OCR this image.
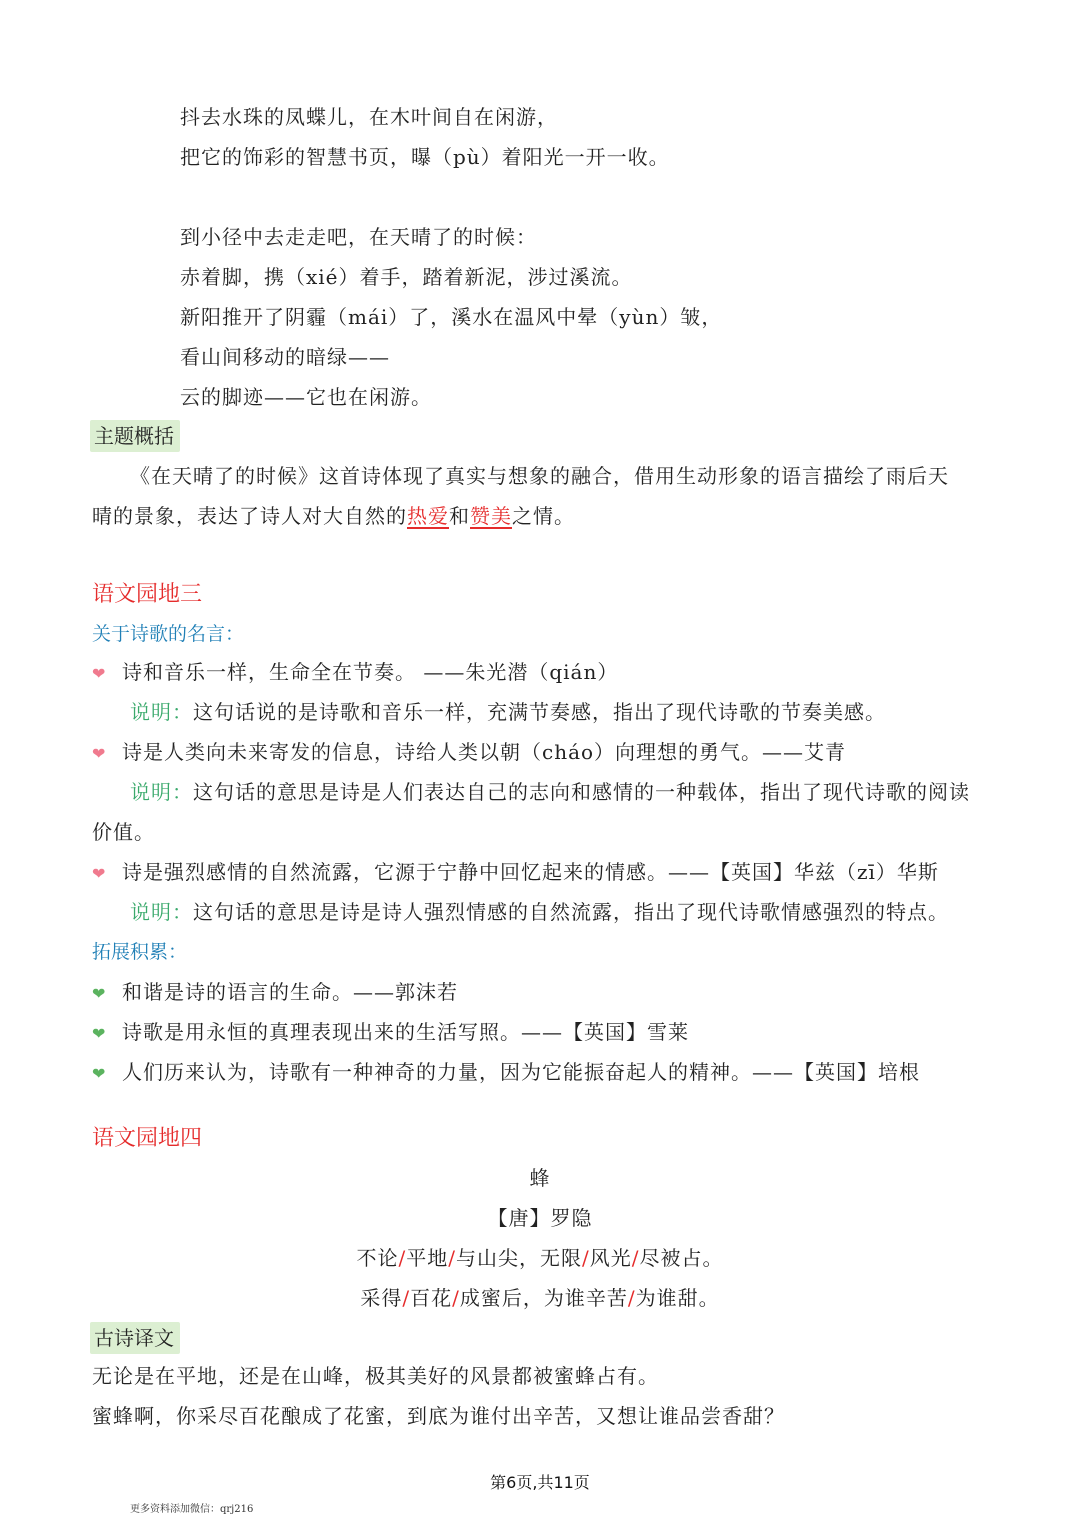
抖去水珠的凤蝶儿，在木叶间自在闲游，
把它的饰彩的智慧书页，曝（pù）着阳光一开一收。
到小径中去走走吧，在天晴了的时候：
赤着脚，携（xié）着手，踏着新泥，涉过溪流。
新阳推开了阴霾（mái）了，溪水在温风中晕（yùn）皱，
看山间移动的暗绿——
云的脚迹——它也在闲游。
主题概括
《在天晴了的时候》这首诗体现了真实与想象的融合，借用生动形象的语言描绘了雨后天
晴的景象，表达了诗人对大自然的热爱和赞美之情。
语文园地三
关于诗歌的名言：
❤ 诗和音乐一样，生命全在节奏。 ——朱光潜（qián）
说明：这句话说的是诗歌和音乐一样，充满节奏感，指出了现代诗歌的节奏美感。
❤ 诗是人类向未来寄发的信息，诗给人类以朝（cháo）向理想的勇气。——艾青
说明：这句话的意思是诗是人们表达自己的志向和感情的一种载体，指出了现代诗歌的阅读
价值。
❤ 诗是强烈感情的自然流露，它源于宁静中回忆起来的情感。——【英国】华兹（zī）华斯
说明：这句话的意思是诗是诗人强烈情感的自然流露，指出了现代诗歌情感强烈的特点。
拓展积累：
❤ 和谐是诗的语言的生命。——郭沫若
❤ 诗歌是用永恒的真理表现出来的生活写照。——【英国】雪莱
❤ 人们历来认为，诗歌有一种神奇的力量，因为它能振奋起人的精神。——【英国】培根
语文园地四
蜂
【唐】罗隐
不论/平地/与山尖，无限/风光/尽被占。
采得/百花/成蜜后，为谁辛苦/为谁甜。
古诗译文
无论是在平地，还是在山峰，极其美好的风景都被蜜蜂占有。
蜜蜂啊，你采尽百花酿成了花蜜，到底为谁付出辛苦，又想让谁品尝香甜？
第6页,共11页
更多资料添加微信：qrj216
